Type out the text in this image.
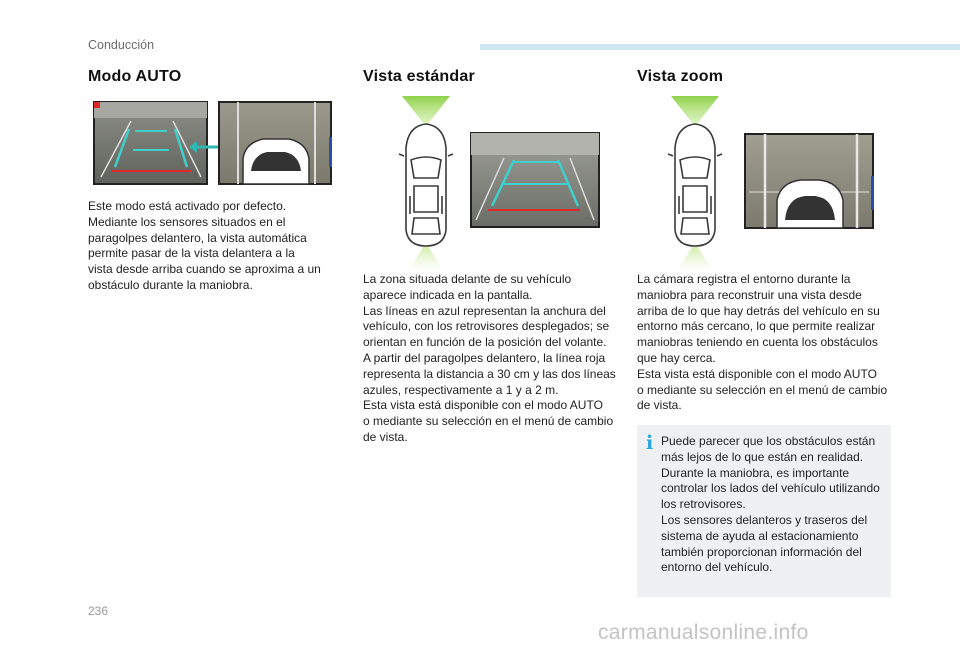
Conducción
Modo AUTO

Este modo está activado por defecto.
Mediante los sensores situados en el
paragolpes delantero, la vista automática
permite pasar de la vista delantera a la
vista desde arriba cuando se aproxima a un
obstáculo durante la maniobra.

Vista estándar

La zona situada delante de su vehículo
aparece indicada en la pantalla.
Las líneas en azul representan la anchura del
vehículo, con los retrovisores desplegados; se
orientan en función de la posición del volante.
A partir del paragolpes delantero, la línea roja
representa la distancia a 30 cm y las dos líneas
azules, respectivamente a 1 y a 2 m.
Esta vista está disponible con el modo AUTO
o mediante su selección en el menú de cambio
de vista.

Vista zoom

La cámara registra el entorno durante la
maniobra para reconstruir una vista desde
arriba de lo que hay detrás del vehículo en su
entorno más cercano, lo que permite realizar
maniobras teniendo en cuenta los obstáculos
que hay cerca.
Esta vista está disponible con el modo AUTO
o mediante su selección en el menú de cambio
de vista.

i Puede parecer que los obstáculos están
más lejos de lo que están en realidad.
Durante la maniobra, es importante
controlar los lados del vehículo utilizando
los retrovisores.
Los sensores delanteros y traseros del
sistema de ayuda al estacionamiento
también proporcionan información del
entorno del vehículo.

236
carmanualsonline.info
